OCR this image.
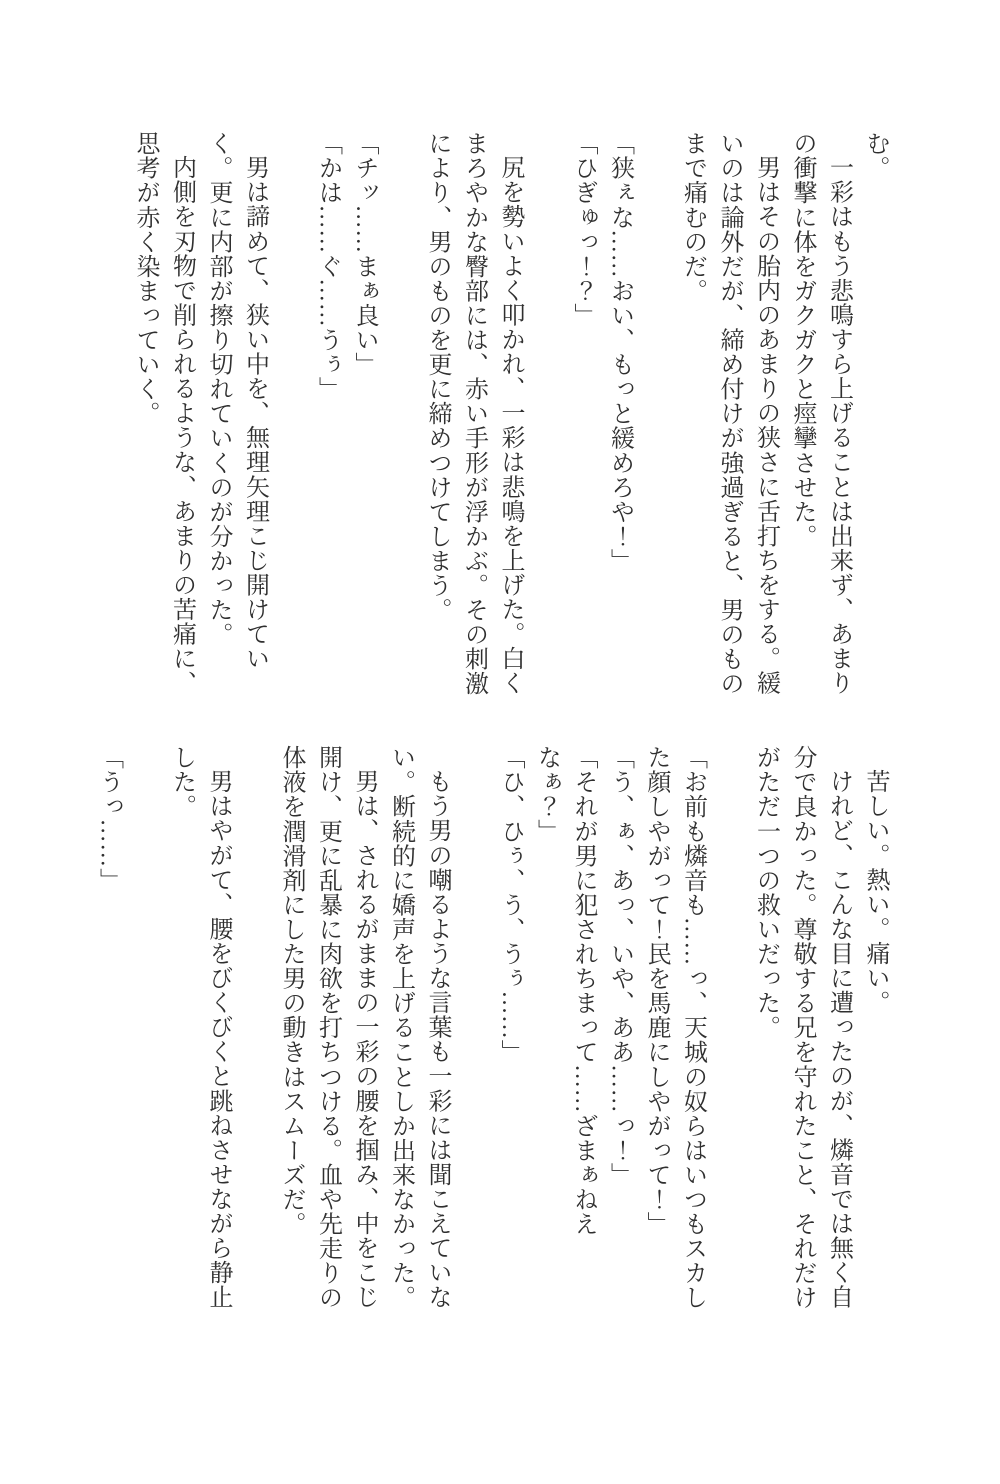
む。

一彩はもう悲鳴すら上げることは出来ず、あまりの衝撃に体をガクガクと痙攣させた。

男はその胎内のあまりの狭さに舌打ちをする。緩いのは論外だが、締め付けが強過ぎると、男のものまで痛むのだ。

「狭ぇな……おい、もっと緩めろや！」

「ひぎゅっ！？」

尻を勢いよく叩かれ、一彩は悲鳴を上げた。白くまろやかな臀部には、赤い手形が浮かぶ。その刺激により、男のものを更に締めつけてしまう。

「チッ……まぁ良い」

「かは……ぐ……うぅ」

男は諦めて、狭い中を、無理矢理こじ開けていく。更に内部が擦り切れていくのが分かった。

内側を刃物で削られるような、あまりの苦痛に、思考が赤く染まっていく。

苦しい。熱い。痛い。

けれど、こんな目に遭ったのが、燐音では無く自分で良かった。尊敬する兄を守れたこと、それだけがただ一つの救いだった。

「お前も燐音も……っ、天城の奴らはいつもスカした顔しやがって！民を馬鹿にしやがって！」

「う、ぁ、あっ、いや、ああ……っ！」

「それが男に犯されちまって……ざまぁねえなぁ？」

「ひ、ひぅ、う、うぅ……」

もう男の嘲るような言葉も一彩には聞こえていない。断続的に嬌声を上げることしか出来なかった。

男は、されるがままの一彩の腰を掴み、中をこじ開け、更に乱暴に肉欲を打ちつける。血や先走りの体液を潤滑剤にした男の動きはスムーズだ。

男はやがて、腰をびくびくと跳ねさせながら静止した。

「うっ……」
